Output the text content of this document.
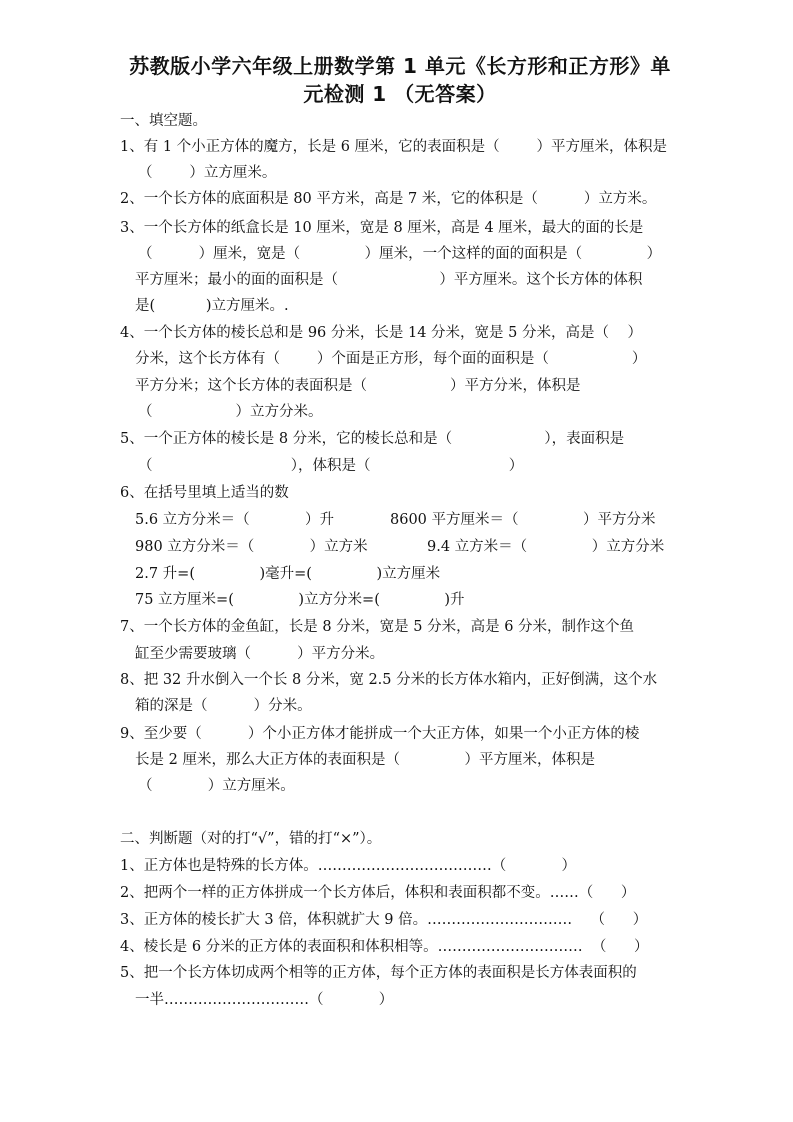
苏教版小学六年级上册数学第 1 单元《长方形和正方形》单
元检测 1 （无答案）
一、填空题。
1、有 1 个小正方体的魔方，长是 6 厘米，它的表面积是（        ）平方厘米，体积是
（        ）立方厘米。
2、一个长方体的底面积是 80 平方米，高是 7 米，它的体积是（          ）立方米。
3、一个长方体的纸盒长是 10 厘米，宽是 8 厘米，高是 4 厘米，最大的面的长是
（          ）厘米，宽是（              ）厘米，一个这样的面的面积是（              ）
平方厘米；最小的面的面积是（                      ）平方厘米。这个长方体的体积
是(           )立方厘米。.
4、一个长方体的棱长总和是 96 分米，长是 14 分米，宽是 5 分米，高是（    ）
分米，这个长方体有（        ）个面是正方形，每个面的面积是（                  ）
平方分米；这个长方体的表面积是（                  ）平方分米，体积是
（                  ）立方分米。
5、一个正方体的棱长是 8 分米，它的棱长总和是（                    ），表面积是
（                              ），体积是（                              ）
6、在括号里填上适当的数
5.6 立方分米＝（            ）升	8600 平方厘米＝（              ）平方分米
980 立方分米＝（            ）立方米	9.4 立方米＝（              ）立方分米
2.7 升=(              )毫升=(              )立方厘米
75 立方厘米=(              )立方分米=(              )升
7、一个长方体的金鱼缸，长是 8 分米，宽是 5 分米，高是 6 分米，制作这个鱼
缸至少需要玻璃（          ）平方分米。
8、把 32 升水倒入一个长 8 分米，宽 2.5 分米的长方体水箱内，正好倒满，这个水
箱的深是（          ）分米。
9、至少要（          ）个小正方体才能拼成一个大正方体，如果一个小正方体的棱
长是 2 厘米，那么大正方体的表面积是（              ）平方厘米，体积是
（            ）立方厘米。
二、判断题（对的打“√”，错的打“×”）。
1、正方体也是特殊的长方体。………………………………（            ）
2、把两个一样的正方体拼成一个长方体后，体积和表面积都不变。……（      ）
3、正方体的棱长扩大 3 倍，体积就扩大 9 倍。…………………………    （      ）
4、棱长是 6 分米的正方体的表面积和体积相等。…………………………  （      ）
5、把一个长方体切成两个相等的正方体，每个正方体的表面积是长方体表面积的
一半…………………………（            ）
